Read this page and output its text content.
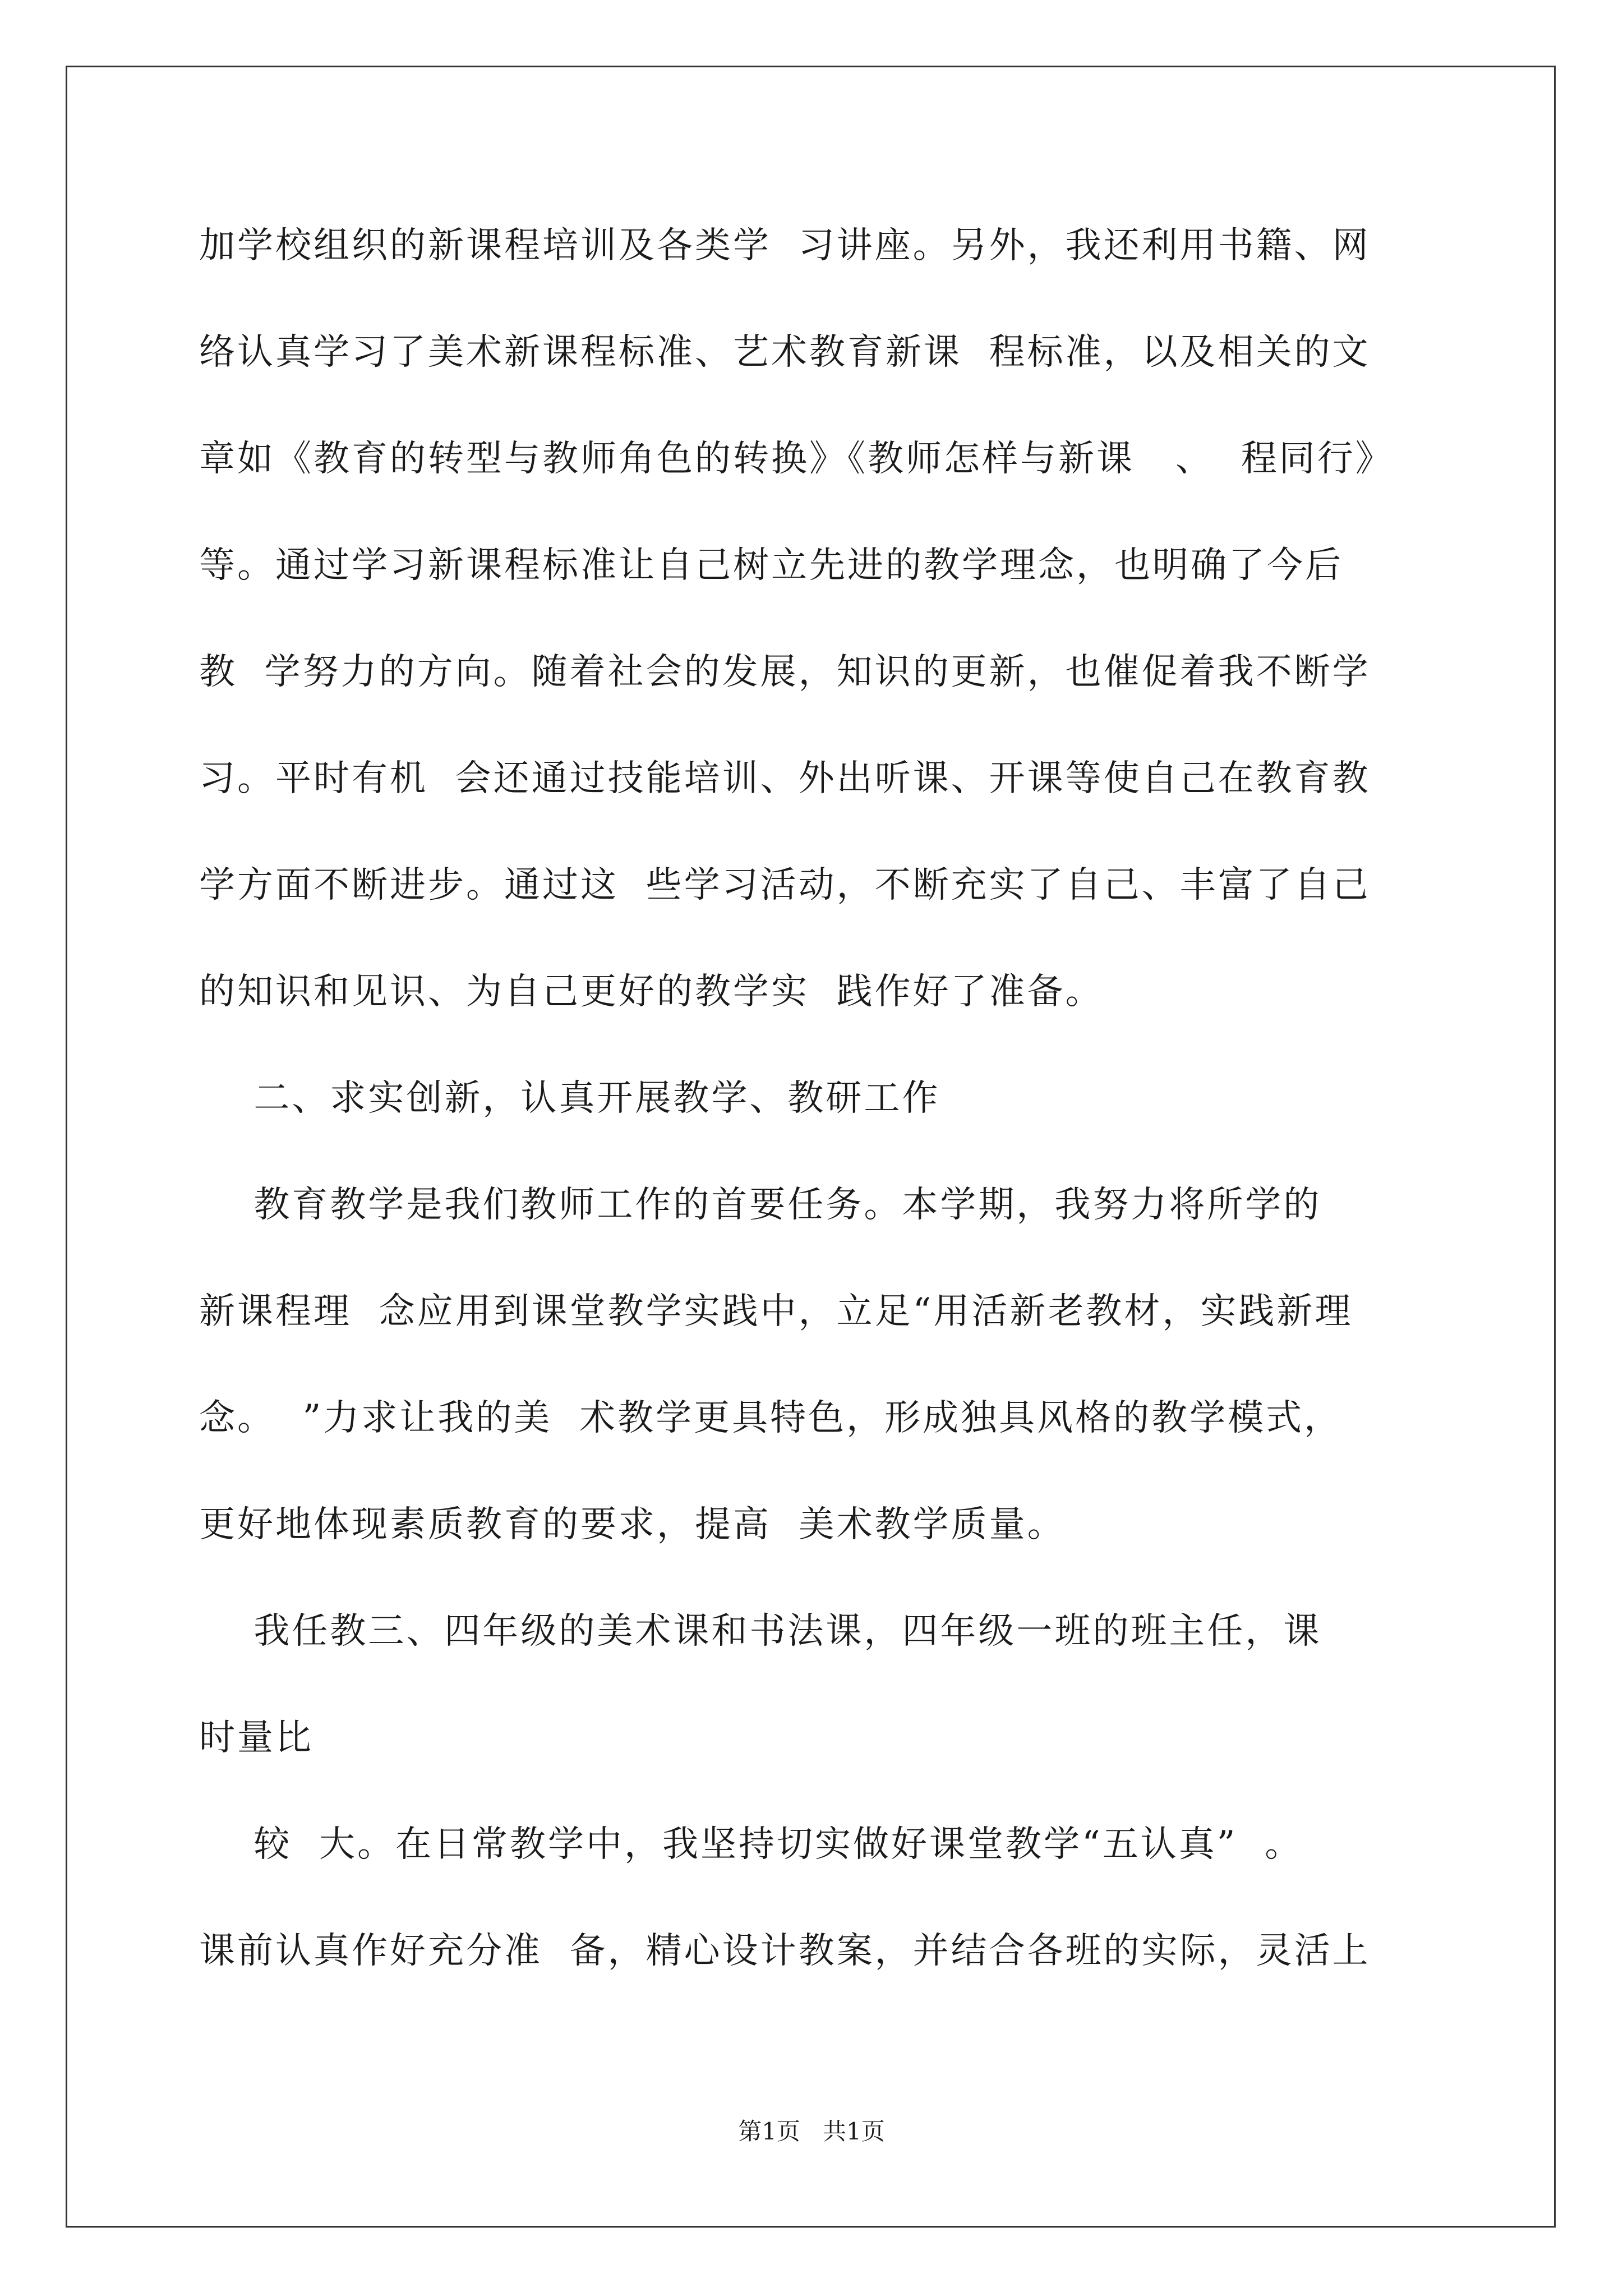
加学校组织的新课程培训及各类学  习讲座。另外，我还利用书籍、网
络认真学习了美术新课程标准、艺术教育新课  程标准，以及相关的文
章如《教育的转型与教师角色的转换》《教师怎样与新课   、  程同行》
等。通过学习新课程标准让自己树立先进的教学理念，也明确了今后
教  学努力的方向。随着社会的发展，知识的更新，也催促着我不断学
习。平时有机  会还通过技能培训、外出听课、开课等使自己在教育教
学方面不断进步。通过这  些学习活动，不断充实了自己、丰富了自己
的知识和见识、为自己更好的教学实  践作好了准备。
二、求实创新，认真开展教学、教研工作
教育教学是我们教师工作的首要任务。本学期，我努力将所学的
新课程理  念应用到课堂教学实践中，立足“用活新老教材，实践新理
念。  ”力求让我的美  术教学更具特色，形成独具风格的教学模式，
更好地体现素质教育的要求，提高  美术教学质量。
我任教三、四年级的美术课和书法课，四年级一班的班主任，课
时量比
较  大。在日常教学中，我坚持切实做好课堂教学“五认真”  。
课前认真作好充分准  备，精心设计教案，并结合各班的实际，灵活上
第1页   共1页
